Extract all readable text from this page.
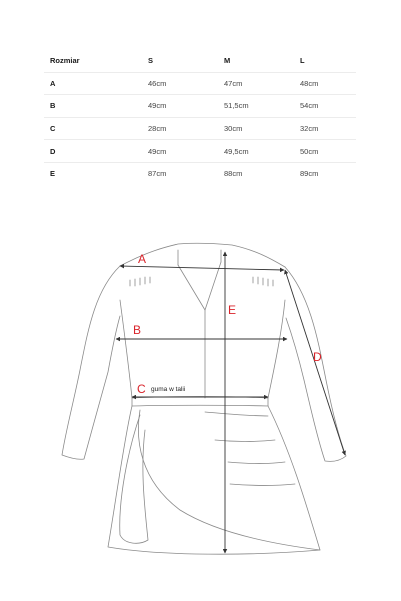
Rozmiar	S	M	L
A	46cm	47cm	48cm
B	49cm	51,5cm	54cm
C	28cm	30cm	32cm
D	49cm	49,5cm	50cm
E	87cm	88cm	89cm
A
B
C guma w talii
D
E
